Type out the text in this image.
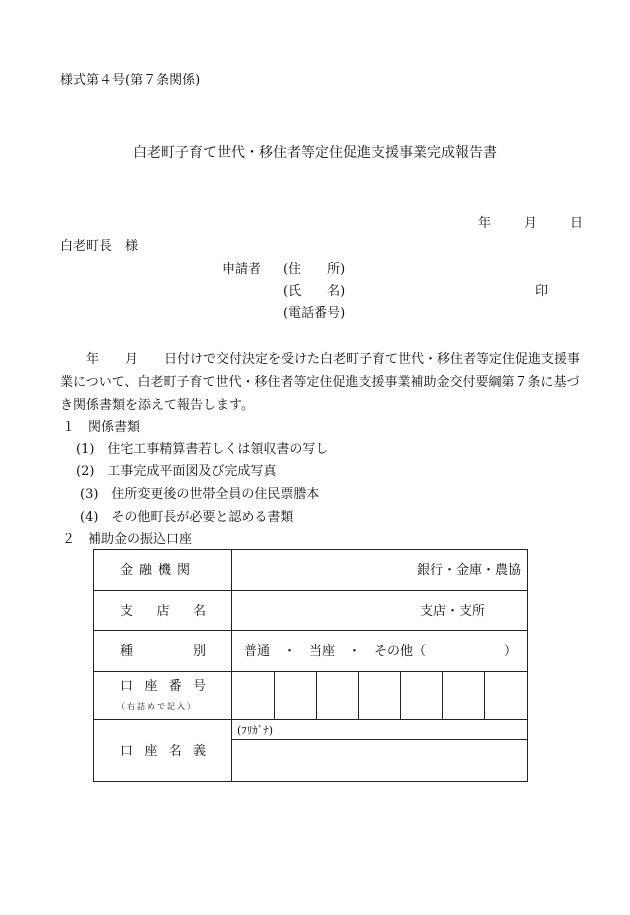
様式第４号(第７条関係)
白老町子育て世代・移住者等定住促進支援事業完成報告書
年	月	日
白老町長　様
申請者 (住　　所)
(氏　　名)	印
(電話番号)
　　年　　月　　日付けで交付決定を受けた白老町子育て世代・移住者等定住促進支援事業について、白老町子育て世代・移住者等定住促進支援事業補助金交付要綱第７条に基づき関係書類を添えて報告します。
１　関係書類
(1)　住宅工事精算書若しくは領収書の写し
(2)　工事完成平面図及び完成写真
(3)　住所変更後の世帯全員の住民票謄本
(4)　その他町長が必要と認める書類
２　補助金の振込口座
金融機関	銀行・金庫・農協
支店名	支店・支所
種　　別	普通　・　当座　・　その他（　　　　　　）
口座番号
（右詰めで記入）
口座名義
(ﾌﾘｶﾞﾅ)
